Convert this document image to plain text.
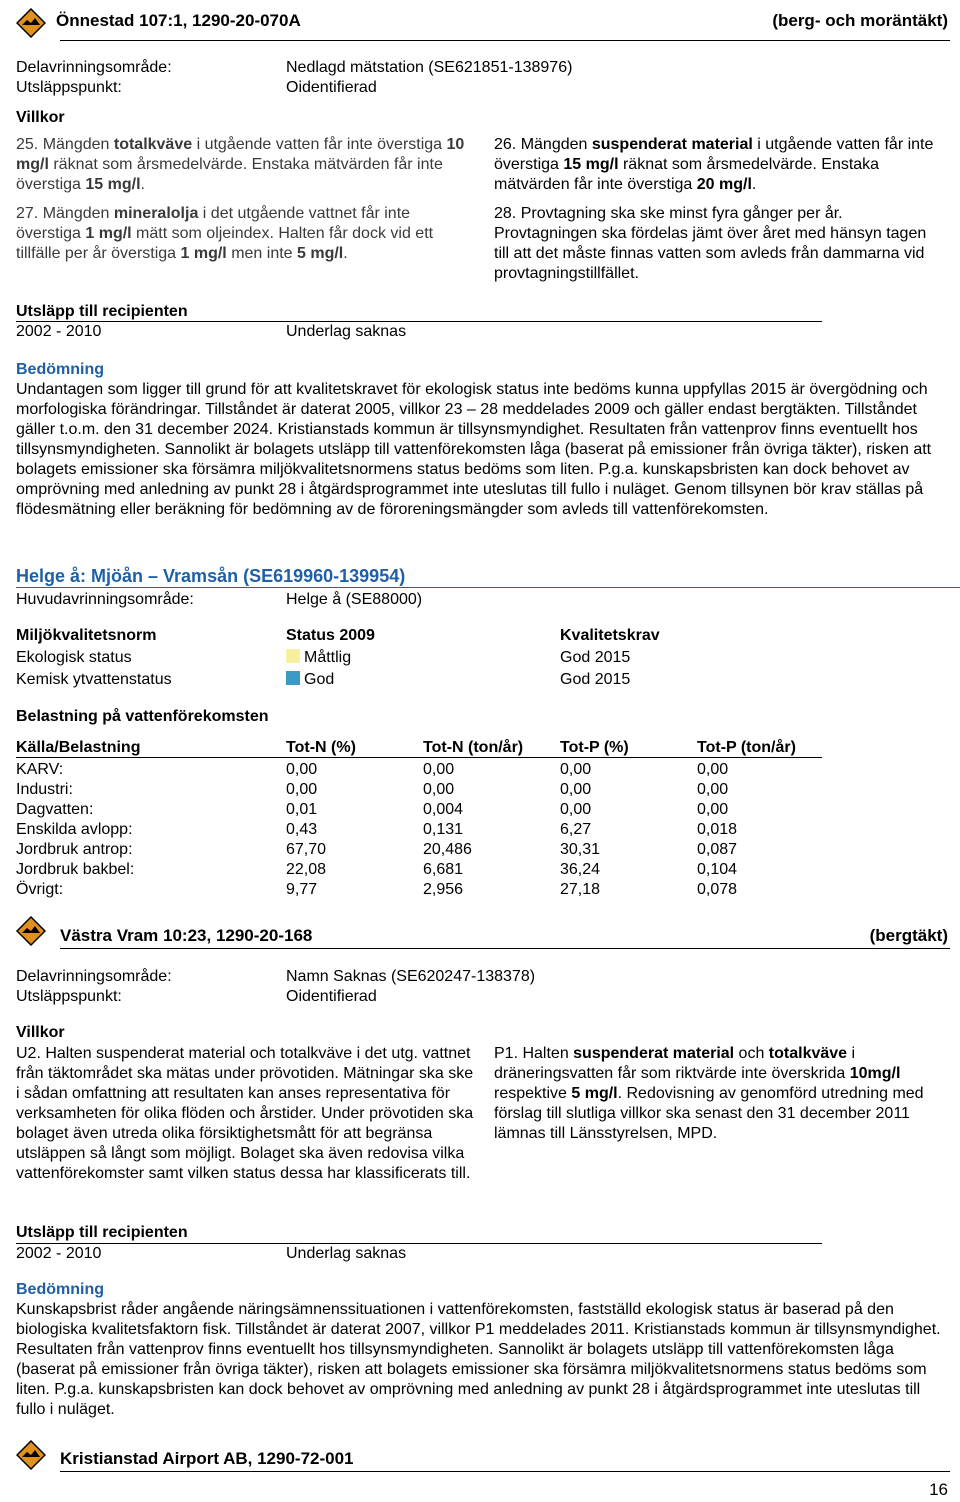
Önnestad 107:1, 1290-20-070A	(berg- och moräntäkt)
Delavrinningsområde:	Nedlagd mätstation (SE621851-138976)
Utsläppspunkt:	Oidentifierad
Villkor
25. Mängden totalkväve i utgående vatten får inte överstiga 10 mg/l räknat som årsmedelvärde. Enstaka mätvärden får inte överstiga 15 mg/l.
27. Mängden mineralolja i det utgående vattnet får inte överstiga 1 mg/l mätt som oljeindex. Halten får dock vid ett tillfälle per år överstiga 1 mg/l men inte 5 mg/l.
26. Mängden suspenderat material i utgående vatten får inte överstiga 15 mg/l räknat som årsmedelvärde. Enstaka mätvärden får inte överstiga 20 mg/l.
28. Provtagning ska ske minst fyra gånger per år. Provtagningen ska fördelas jämt över året med hänsyn tagen till att det måste finnas vatten som avleds från dammarna vid provtagningstillfället.
Utsläpp till recipienten
2002 - 2010	Underlag saknas
Bedömning
Undantagen som ligger till grund för att kvalitetskravet för ekologisk status inte bedöms kunna uppfyllas 2015 är övergödning och morfologiska förändringar. Tillståndet är daterat 2005, villkor 23 – 28 meddelades 2009 och gäller endast bergtäkten. Tillståndet gäller t.o.m. den 31 december 2024. Kristianstads kommun är tillsynsmyndighet. Resultaten från vattenprov finns eventuellt hos tillsynsmyndigheten. Sannolikt är bolagets utsläpp till vattenförekomsten låga (baserat på emissioner från övriga täkter), risken att bolagets emissioner ska försämra miljökvalitetsnormens status bedöms som liten. P.g.a. kunskapsbristen kan dock behovet av omprövning med anledning av punkt 28 i åtgärdsprogrammet inte uteslutas till fullo i nuläget. Genom tillsynen bör krav ställas på flödesmätning eller beräkning för bedömning av de föroreningsmängder som avleds till vattenförekomsten.
Helge å: Mjöån – Vramsån (SE619960-139954)
Huvudavrinningsområde:	Helge å (SE88000)
Miljökvalitetsnorm	Status 2009	Kvalitetskrav
Ekologisk status	Måttlig	God 2015
Kemisk ytvattenstatus	God	God 2015
Belastning på vattenförekomsten
Källa/Belastning	Tot-N (%)	Tot-N (ton/år) Tot-P (%)	Tot-P (ton/år)
KARV:	0,00	0,00	0,00	0,00
Industri:	0,00	0,00	0,00	0,00
Dagvatten:	0,01	0,004	0,00	0,00
Enskilda avlopp:	0,43	0,131	6,27	0,018
Jordbruk antrop:	67,70	20,486	30,31	0,087
Jordbruk bakbel:	22,08	6,681	36,24	0,104
Övrigt:	9,77	2,956	27,18	0,078
Västra Vram 10:23, 1290-20-168	(bergtäkt)
Delavrinningsområde:	Namn Saknas (SE620247-138378)
Utsläppspunkt:	Oidentifierad
Villkor
U2. Halten suspenderat material och totalkväve i det utg. vattnet från täktområdet ska mätas under prövotiden. Mätningar ska ske i sådan omfattning att resultaten kan anses representativa för verksamheten för olika flöden och årstider. Under prövotiden ska bolaget även utreda olika försiktighetsmått för att begränsa utsläppen så långt som möjligt. Bolaget ska även redovisa vilka vattenförekomster samt vilken status dessa har klassificerats till.
P1. Halten suspenderat material och totalkväve i dräneringsvatten får som riktvärde inte överskrida 10mg/l respektive 5 mg/l. Redovisning av genomförd utredning med förslag till slutliga villkor ska senast den 31 december 2011 lämnas till Länsstyrelsen, MPD.
Utsläpp till recipienten
2002 - 2010	Underlag saknas
Bedömning
Kunskapsbrist råder angående näringsämnenssituationen i vattenförekomsten, fastställd ekologisk status är baserad på den biologiska kvalitetsfaktorn fisk. Tillståndet är daterat 2007, villkor P1 meddelades 2011. Kristianstads kommun är tillsynsmyndighet. Resultaten från vattenprov finns eventuellt hos tillsynsmyndigheten. Sannolikt är bolagets utsläpp till vattenförekomsten låga (baserat på emissioner från övriga täkter), risken att bolagets emissioner ska försämra miljökvalitetsnormens status bedöms som liten. P.g.a. kunskapsbristen kan dock behovet av omprövning med anledning av punkt 28 i åtgärdsprogrammet inte uteslutas till fullo i nuläget.
Kristianstad Airport AB, 1290-72-001
16
